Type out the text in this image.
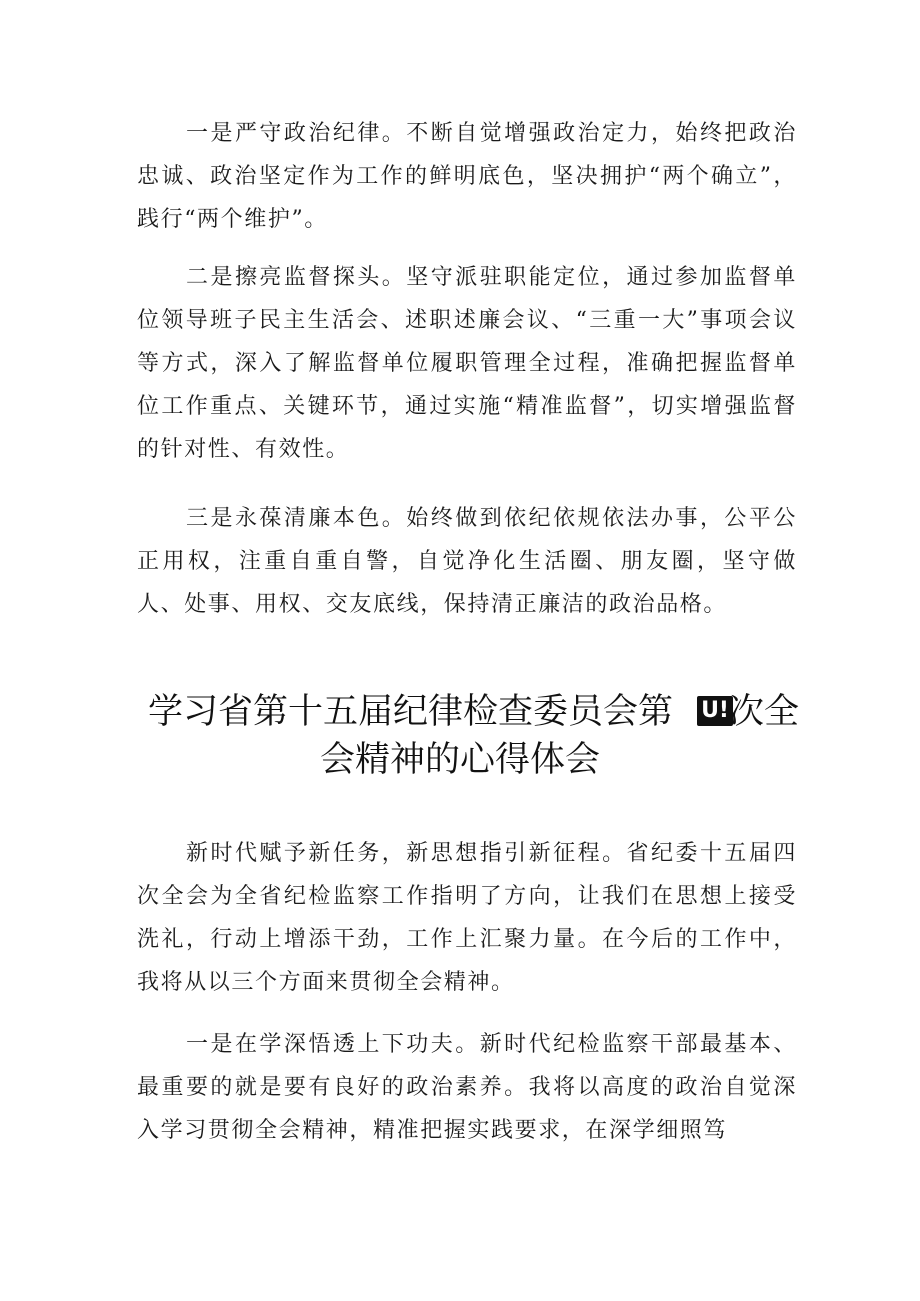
一是严守政治纪律。不断自觉增强政治定力，始终把政治忠诚、政治坚定作为工作的鲜明底色，坚决拥护“两个确立”，践行“两个维护”。

二是擦亮监督探头。坚守派驻职能定位，通过参加监督单位领导班子民主生活会、述职述廉会议、“三重一大”事项会议等方式，深入了解监督单位履职管理全过程，准确把握监督单位工作重点、关键环节，通过实施“精准监督”，切实增强监督的针对性、有效性。

三是永葆清廉本色。始终做到依纪依规依法办事，公平公正用权，注重自重自警，自觉净化生活圈、朋友圈，坚守做人、处事、用权、交友底线，保持清正廉洁的政治品格。

学习省第十五届纪律检查委员会第 U!次全
会精神的心得体会

新时代赋予新任务，新思想指引新征程。省纪委十五届四次全会为全省纪检监察工作指明了方向，让我们在思想上接受洗礼，行动上增添干劲，工作上汇聚力量。在今后的工作中，我将从以三个方面来贯彻全会精神。

一是在学深悟透上下功夫。新时代纪检监察干部最基本、最重要的就是要有良好的政治素养。我将以高度的政治自觉深入学习贯彻全会精神，精准把握实践要求，在深学细照笃
